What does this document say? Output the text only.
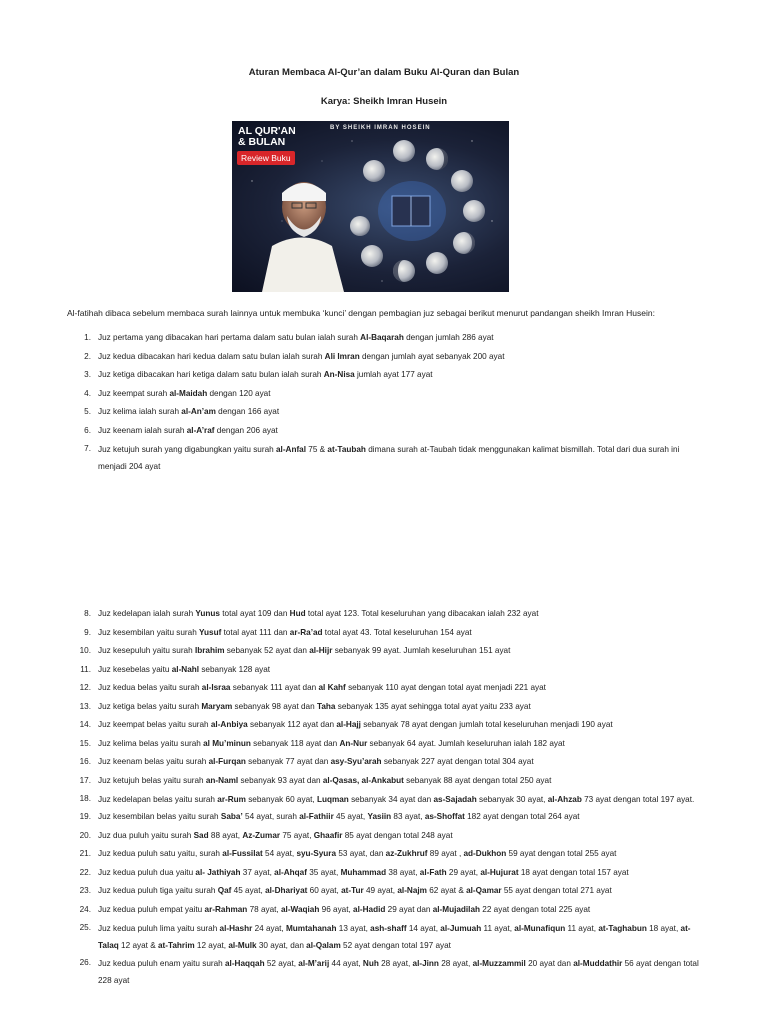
Aturan Membaca Al-Qur’an dalam Buku Al-Quran dan Bulan
Karya: Sheikh Imran Husein
AL QUR'AN
& BULAN
Review Buku
BY SHEIKH IMRAN HOSEIN
Al-fatihah dibaca sebelum membaca surah lainnya untuk membuka ‘kunci’ dengan pembagian juz sebagai berikut menurut pandangan sheikh Imran Husein:
1. Juz pertama yang dibacakan hari pertama dalam satu bulan ialah surah Al-Baqarah dengan jumlah 286 ayat
2. Juz kedua dibacakan hari kedua dalam satu bulan ialah surah Ali Imran dengan jumlah ayat sebanyak 200 ayat
3. Juz ketiga dibacakan hari ketiga dalam satu bulan ialah surah An-Nisa jumlah ayat 177 ayat
4. Juz keempat surah al-Maidah dengan 120 ayat
5. Juz kelima ialah surah al-An’am dengan 166 ayat
6. Juz keenam ialah surah al-A’raf dengan 206 ayat
7. Juz ketujuh surah yang digabungkan yaitu surah al-Anfal 75 & at-Taubah dimana surah at-Taubah tidak menggunakan kalimat bismillah. Total dari dua surah ini menjadi 204 ayat
8. Juz kedelapan ialah surah Yunus total ayat 109 dan Hud total ayat 123. Total keseluruhan yang dibacakan ialah 232 ayat
9. Juz kesembilan yaitu surah Yusuf total ayat 111 dan ar-Ra’ad total ayat 43. Total keseluruhan 154 ayat
10. Juz kesepuluh yaitu surah Ibrahim sebanyak 52 ayat dan al-Hijr sebanyak 99 ayat. Jumlah keseluruhan 151 ayat
11. Juz kesebelas yaitu al-Nahl sebanyak 128 ayat
12. Juz kedua belas yaitu surah al-Israa sebanyak 111 ayat dan al Kahf sebanyak 110 ayat dengan total ayat menjadi 221 ayat
13. Juz ketiga belas yaitu surah Maryam sebanyak 98 ayat dan Taha sebanyak 135 ayat sehingga total ayat yaitu 233 ayat
14. Juz keempat belas yaitu surah al-Anbiya sebanyak 112 ayat dan al-Hajj sebanyak 78 ayat dengan jumlah total keseluruhan menjadi 190 ayat
15. Juz kelima belas yaitu surah al Mu’minun sebanyak 118 ayat dan An-Nur sebanyak 64 ayat. Jumlah keseluruhan ialah 182 ayat
16. Juz keenam belas yaitu surah al-Furqan sebanyak 77 ayat dan asy-Syu’arah sebanyak 227 ayat dengan total 304 ayat
17. Juz ketujuh belas yaitu surah an-Naml sebanyak 93 ayat dan al-Qasas, al-Ankabut sebanyak 88 ayat dengan total 250 ayat
18. Juz kedelapan belas yaitu surah ar-Rum sebanyak 60 ayat, Luqman sebanyak 34 ayat dan as-Sajadah sebanyak 30 ayat, al-Ahzab 73 ayat dengan total 197 ayat.
19. Juz kesembilan belas yaitu surah Saba’ 54 ayat, surah al-Fathiir 45 ayat, Yasiin 83 ayat, as-Shoffat 182 ayat dengan total 264 ayat
20. Juz dua puluh yaitu surah Sad 88 ayat, Az-Zumar 75 ayat, Ghaafir 85 ayat dengan total 248 ayat
21. Juz kedua puluh satu yaitu, surah al-Fussilat 54 ayat, syu-Syura 53 ayat, dan az-Zukhruf 89 ayat , ad-Dukhon 59 ayat dengan total 255 ayat
22. Juz kedua puluh dua yaitu al- Jathiyah 37 ayat, al-Ahqaf 35 ayat, Muhammad 38 ayat, al-Fath 29 ayat, al-Hujurat 18 ayat dengan total 157 ayat
23. Juz kedua puluh tiga yaitu surah Qaf 45 ayat, al-Dhariyat 60 ayat, at-Tur 49 ayat, al-Najm 62 ayat & al-Qamar 55 ayat dengan total 271 ayat
24. Juz kedua puluh empat yaitu ar-Rahman 78 ayat, al-Waqiah 96 ayat, al-Hadid 29 ayat dan al-Mujadilah 22 ayat dengan total 225 ayat
25. Juz kedua puluh lima yaitu surah al-Hashr 24 ayat, Mumtahanah 13 ayat, ash-shaff 14 ayat, al-Jumuah 11 ayat, al-Munafiqun 11 ayat, at-Taghabun 18 ayat, at-Talaq 12 ayat & at-Tahrim 12 ayat, al-Mulk 30 ayat, dan al-Qalam 52 ayat dengan total 197 ayat
26. Juz kedua puluh enam yaitu surah al-Haqqah 52 ayat, al-M’arij 44 ayat, Nuh 28 ayat, al-Jinn 28 ayat, al-Muzzammil 20 ayat dan al-Muddathir 56 ayat dengan total 228 ayat
